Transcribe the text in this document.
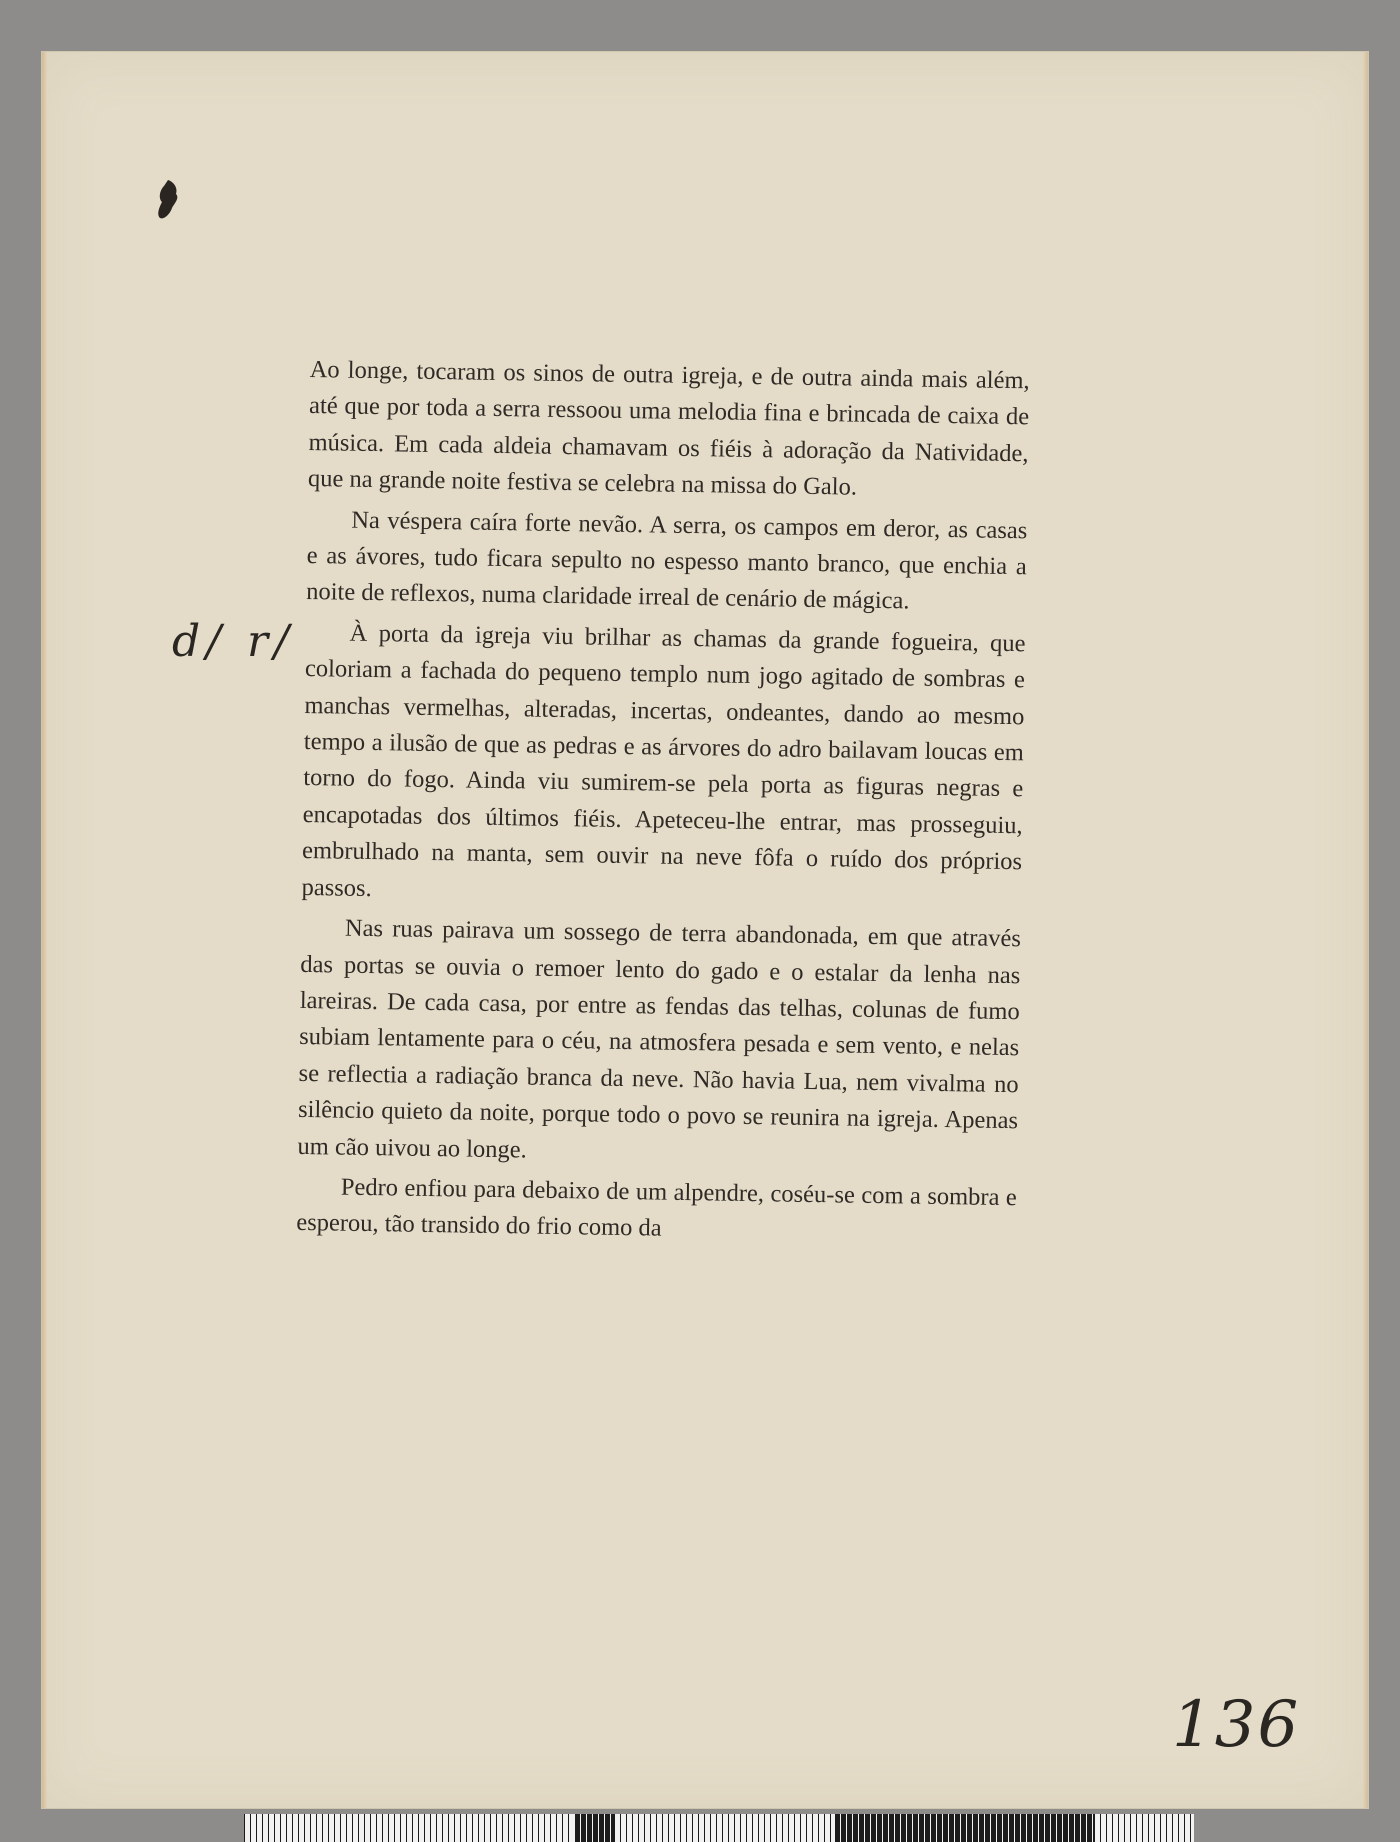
Ao longe, tocaram os sinos de outra igreja, e de outra ainda mais além, até que por toda a serra ressoou uma melodia fina e brincada de caixa de música. Em cada aldeia chamavam os fiéis à adoração da Natividade, que na grande noite festiva se celebra na missa do Galo.

Na véspera caíra forte nevão. A serra, os campos em deror, as casas e as ávores, tudo ficara sepulto no espesso manto branco, que enchia a noite de reflexos, numa claridade irreal de cenário de mágica.

À porta da igreja viu brilhar as chamas da grande fogueira, que coloriam a fachada do pequeno templo num jogo agitado de sombras e manchas vermelhas, alteradas, incertas, ondeantes, dando ao mesmo tempo a ilusão de que as pedras e as árvores do adro bailavam loucas em torno do fogo. Ainda viu sumirem-se pela porta as figuras negras e encapotadas dos últimos fiéis. Apeteceu-lhe entrar, mas prosseguiu, embrulhado na manta, sem ouvir na neve fôfa o ruído dos próprios passos.

Nas ruas pairava um sossego de terra abandonada, em que através das portas se ouvia o remoer lento do gado e o estalar da lenha nas lareiras. De cada casa, por entre as fendas das telhas, colunas de fumo subiam lentamente para o céu, na atmosfera pesada e sem vento, e nelas se reflectia a radiação branca da neve. Não havia Lua, nem vivalma no silêncio quieto da noite, porque todo o povo se reunira na igreja. Apenas um cão uivou ao longe.

Pedro enfiou para debaixo de um alpendre, coséu-se com a sombra e esperou, tão transido do frio como da

d/ r/
136
